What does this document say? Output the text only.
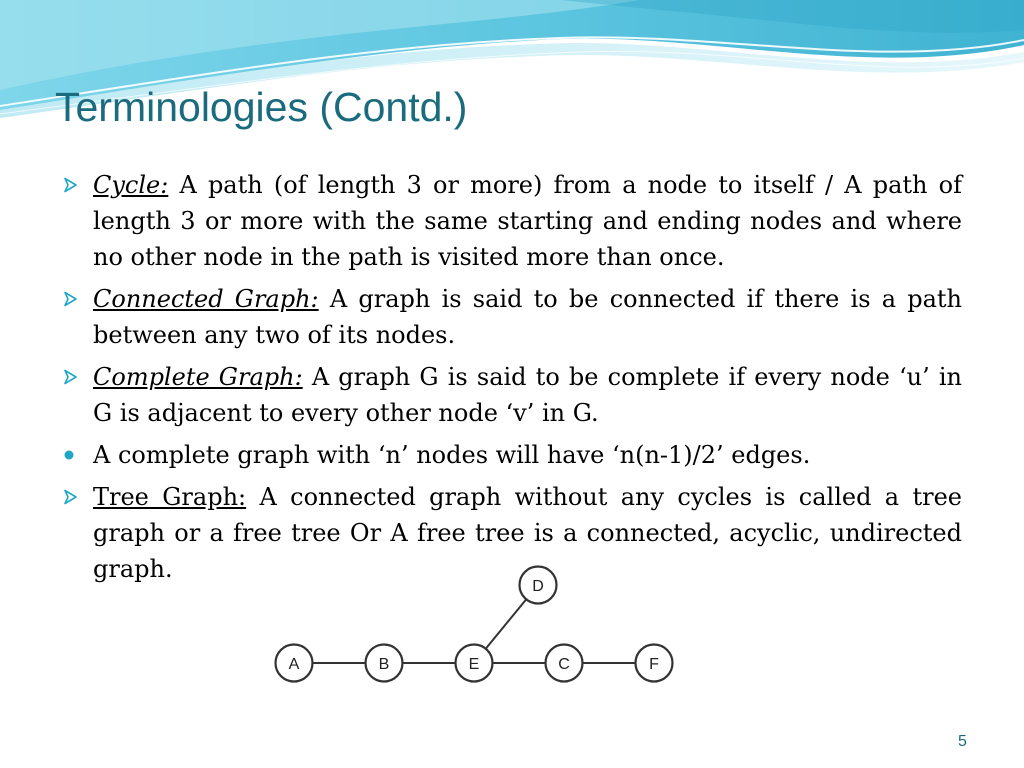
Terminologies (Contd.)
Cycle: A path (of length 3 or more) from a node to itself / A path of length 3 or more with the same starting and ending nodes and where no other node in the path is visited more than once.
Connected Graph: A graph is said to be connected if there is a path between any two of its nodes.
Complete Graph: A graph G is said to be complete if every node ‘u’ in G is adjacent to every other node ‘v’ in G.
A complete graph with ‘n’ nodes will have ‘n(n-1)/2’ edges.
Tree Graph: A connected graph without any cycles is called a tree graph or a free tree Or A free tree is a connected, acyclic, undirected graph.
A	B	E	C	F
D
5
